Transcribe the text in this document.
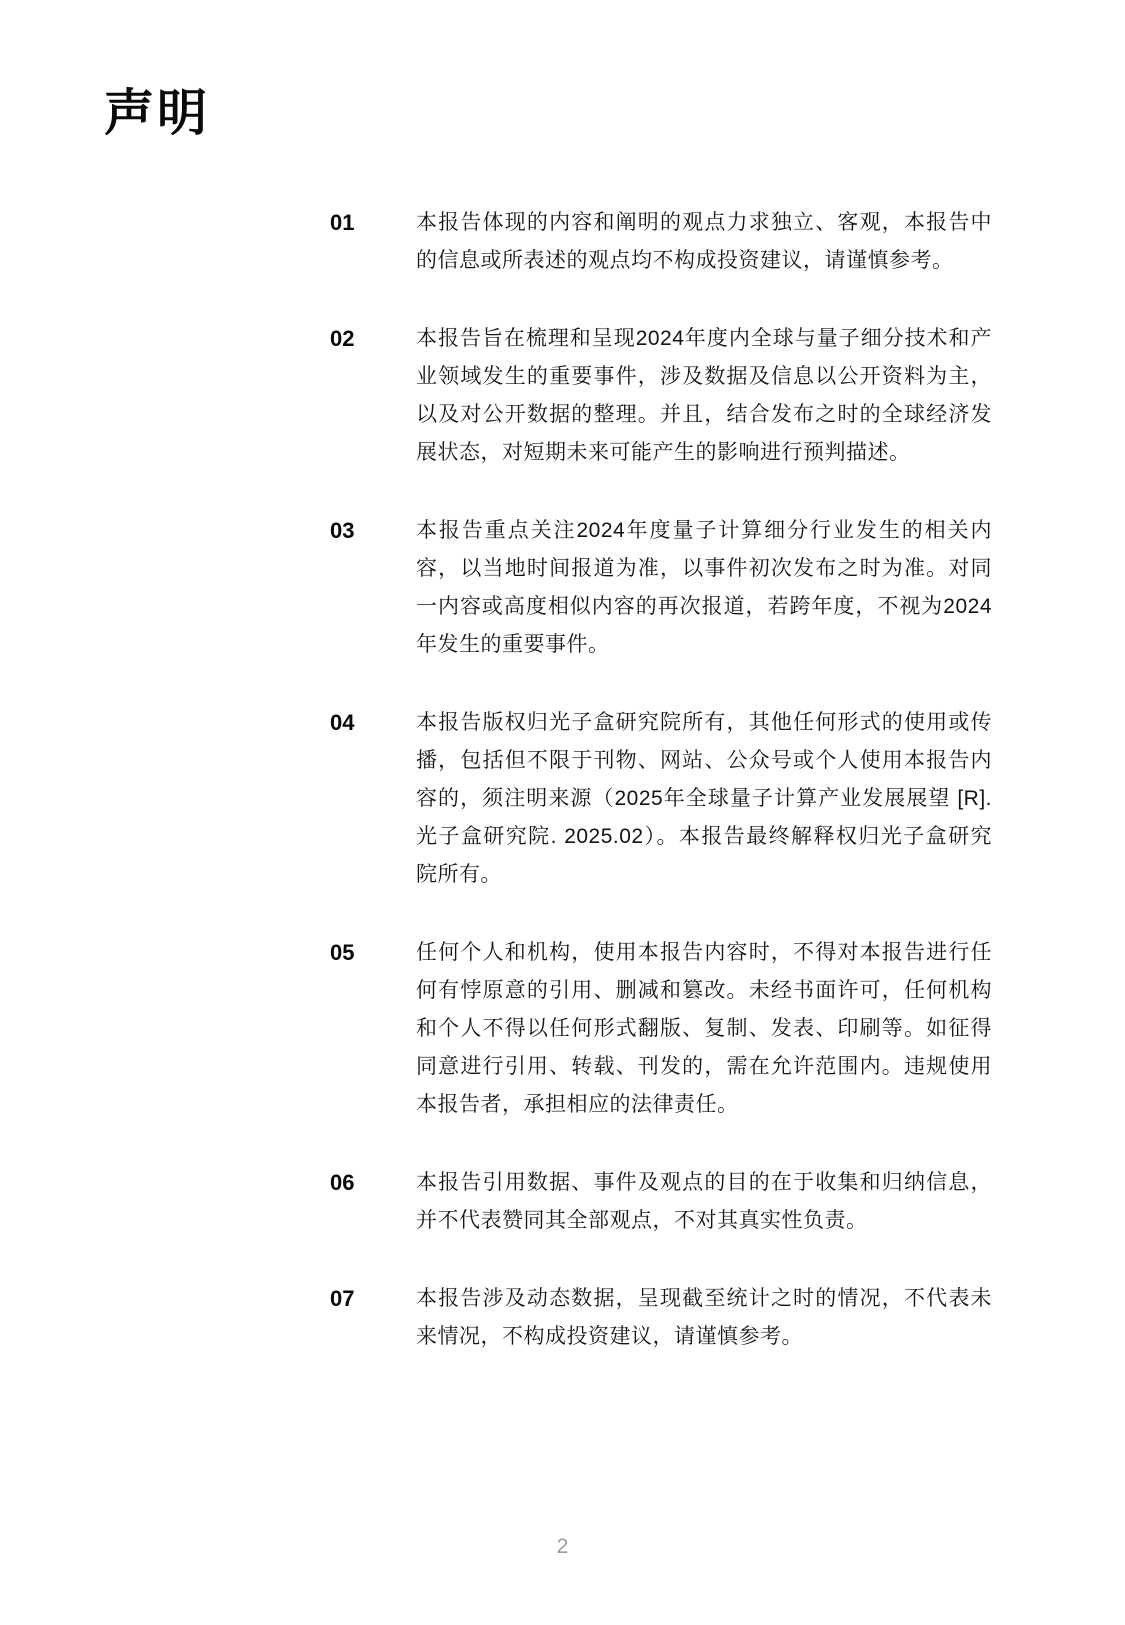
声明
01	本报告体现的内容和阐明的观点力求独立、客观，本报告中的信息或所表述的观点均不构成投资建议，请谨慎参考。
02	本报告旨在梳理和呈现2024年度内全球与量子细分技术和产业领域发生的重要事件，涉及数据及信息以公开资料为主，以及对公开数据的整理。并且，结合发布之时的全球经济发展状态，对短期未来可能产生的影响进行预判描述。
03	本报告重点关注2024年度量子计算细分行业发生的相关内容，以当地时间报道为准，以事件初次发布之时为准。对同一内容或高度相似内容的再次报道，若跨年度，不视为2024年发生的重要事件。
04	本报告版权归光子盒研究院所有，其他任何形式的使用或传播，包括但不限于刊物、网站、公众号或个人使用本报告内容的，须注明来源（2025年全球量子计算产业发展展望 [R]. 光子盒研究院. 2025.02）。本报告最终解释权归光子盒研究院所有。
05	任何个人和机构，使用本报告内容时，不得对本报告进行任何有悖原意的引用、删减和篡改。未经书面许可，任何机构和个人不得以任何形式翻版、复制、发表、印刷等。如征得同意进行引用、转载、刊发的，需在允许范围内。违规使用本报告者，承担相应的法律责任。
06	本报告引用数据、事件及观点的目的在于收集和归纳信息，并不代表赞同其全部观点，不对其真实性负责。
07	本报告涉及动态数据，呈现截至统计之时的情况，不代表未来情况，不构成投资建议，请谨慎参考。
2
